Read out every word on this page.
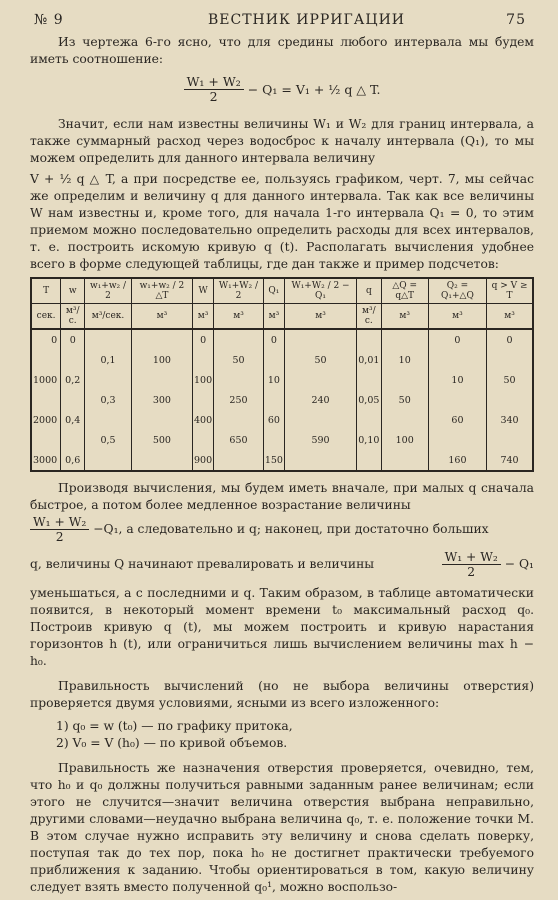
№ 9	ВЕСТНИК ИРРИГАЦИИ	75

Из чертежа 6-го ясно, что для средины любого интервала мы будем иметь соотношение:

$\frac{\text{W₁ + W₂}}{2} - Q_1 = V_1$ + ½ q △ T.

Значит, если нам известны величины W₁ и W₂ для границ интервала, а также суммарный расход через водосброс к началу интервала (Q₁), то мы можем определить для данного интервала величину

V + ½ q △ T, а при посредстве ее, пользуясь графиком, черт. 7, мы сейчас же определим и величину q для данного интервала. Так как все величины W нам известны и, кроме того, для начала 1-го интервала Q₁ = 0, то этим приемом можно последовательно определить расходы для всех интервалов, т. е. построить искомую кривую q (t). Располагать вычисления удобнее всего в форме следующей таблицы, где дан также и пример подсчетов:

T	w	w₁+w₂ / 2	w₁+w₂ / 2 △T	W	W₁+W₂ / 2	Q₁	W₁+W₂ / 2 − Q₁	q	△Q = q△T	Q₂ = Q₁+△Q	q > V ≥ T
сек.	м³/с.	м³/сек.	м³	м³	м³	м³	м³	м³/с.	м³	м³	м³
0	0			0		0				0	0
		0,1	100		50		50	0,01	10		
1000	0,2			100		10				10	50
		0,3	300		250		240	0,05	50		
2000	0,4			400		60				60	340
		0,5	500		650		590	0,10	100		
3000	0,6			900		150				160	740

Производя вычисления, мы будем иметь вначале, при малых q сначала быстрое, а потом более медленное возрастание величины

$\frac{\text{W₁ + W₂}}{2} -Q_1$, а следовательно и q; наконец, при достаточно больших
q, величины Q начинают превалировать и величины	$\frac{\text{W₁ + W₂}}{2} - Q_1$

уменьшаться, а с последними и q. Таким образом, в таблице автоматически появится, в некоторый момент времени t₀ максимальный расход q₀. Построив кривую q (t), мы можем построить и кривую нарастания горизонтов h (t), или ограничиться лишь вычислением величины max h − h₀.

Правильность вычислений (но не выбора величины отверстия) проверяется двумя условиями, ясными из всего изложенного:

1) q₀ = w (t₀) — по графику притока,

2) V₀ = V (h₀) — по кривой объемов.

Правильность же назначения отверстия проверяется, очевидно, тем, что h₀ и q₀ должны получиться равными заданным ранее величинам; если этого не случится—значит величина отверстия выбрана неправильно, другими словами—неудачно выбрана величина q₀, т. е. положение точки М. В этом случае нужно исправить эту величину и снова сделать поверку, поступая так до тех пор, пока h₀ не достигнет практически требуемого приближения к заданию. Чтобы ориентироваться в том, какую величину следует взять вместо полученной q₀¹, можно воспользо-
